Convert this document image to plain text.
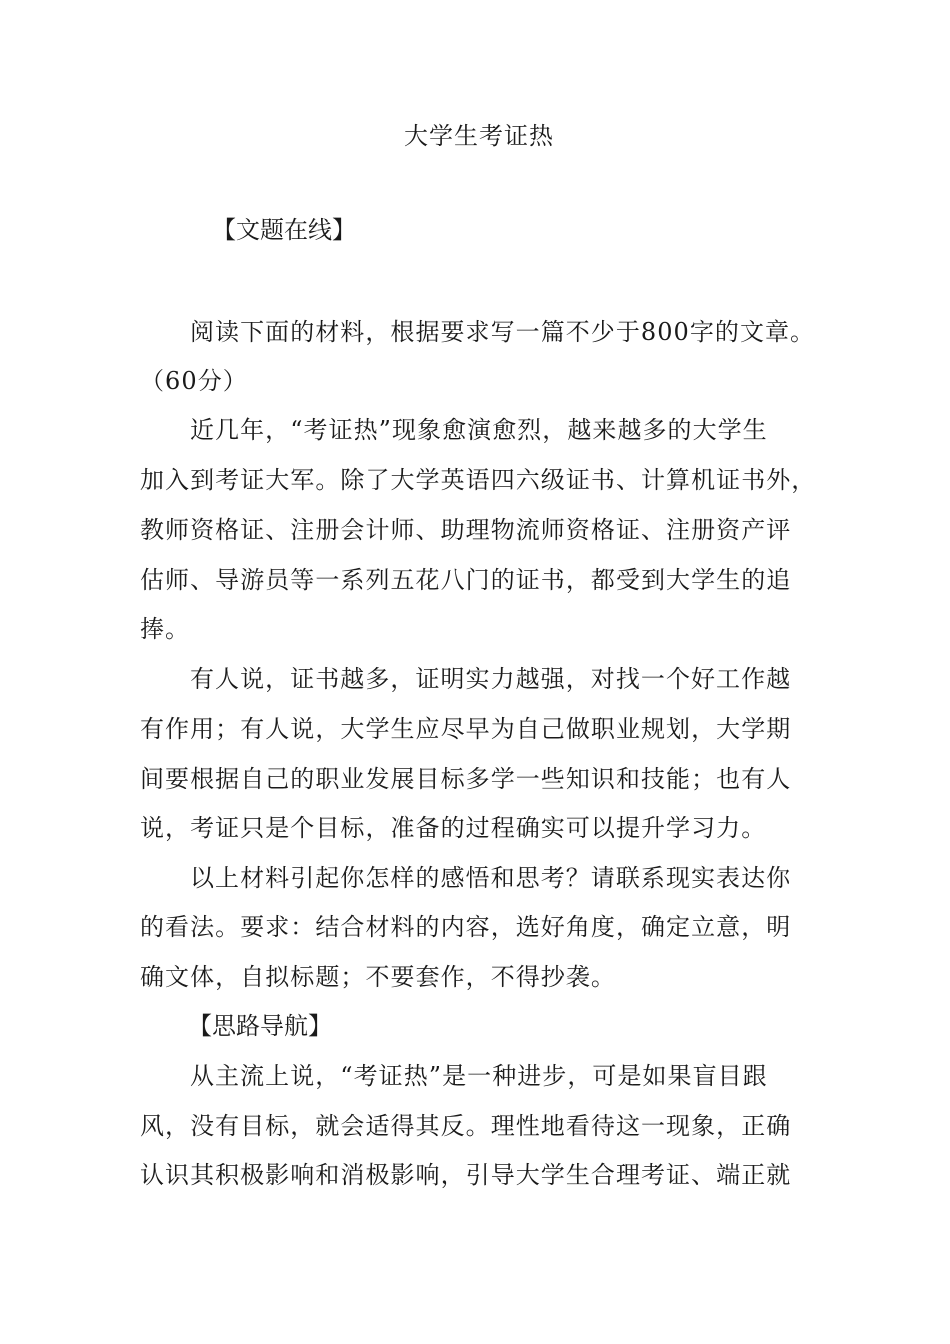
大学生考证热
【文题在线】
阅读下面的材料，根据要求写一篇不少于800字的文章。
（60分）
近几年，“考证热”现象愈演愈烈，越来越多的大学生
加入到考证大军。除了大学英语四六级证书、计算机证书外，
教师资格证、注册会计师、助理物流师资格证、注册资产评
估师、导游员等一系列五花八门的证书，都受到大学生的追
捧。
有人说，证书越多，证明实力越强，对找一个好工作越
有作用；有人说，大学生应尽早为自己做职业规划，大学期
间要根据自己的职业发展目标多学一些知识和技能；也有人
说，考证只是个目标，准备的过程确实可以提升学习力。
以上材料引起你怎样的感悟和思考？请联系现实表达你
的看法。要求：结合材料的内容，选好角度，确定立意，明
确文体，自拟标题；不要套作，不得抄袭。
【思路导航】
从主流上说，“考证热”是一种进步，可是如果盲目跟
风，没有目标，就会适得其反。理性地看待这一现象，正确
认识其积极影响和消极影响，引导大学生合理考证、端正就
